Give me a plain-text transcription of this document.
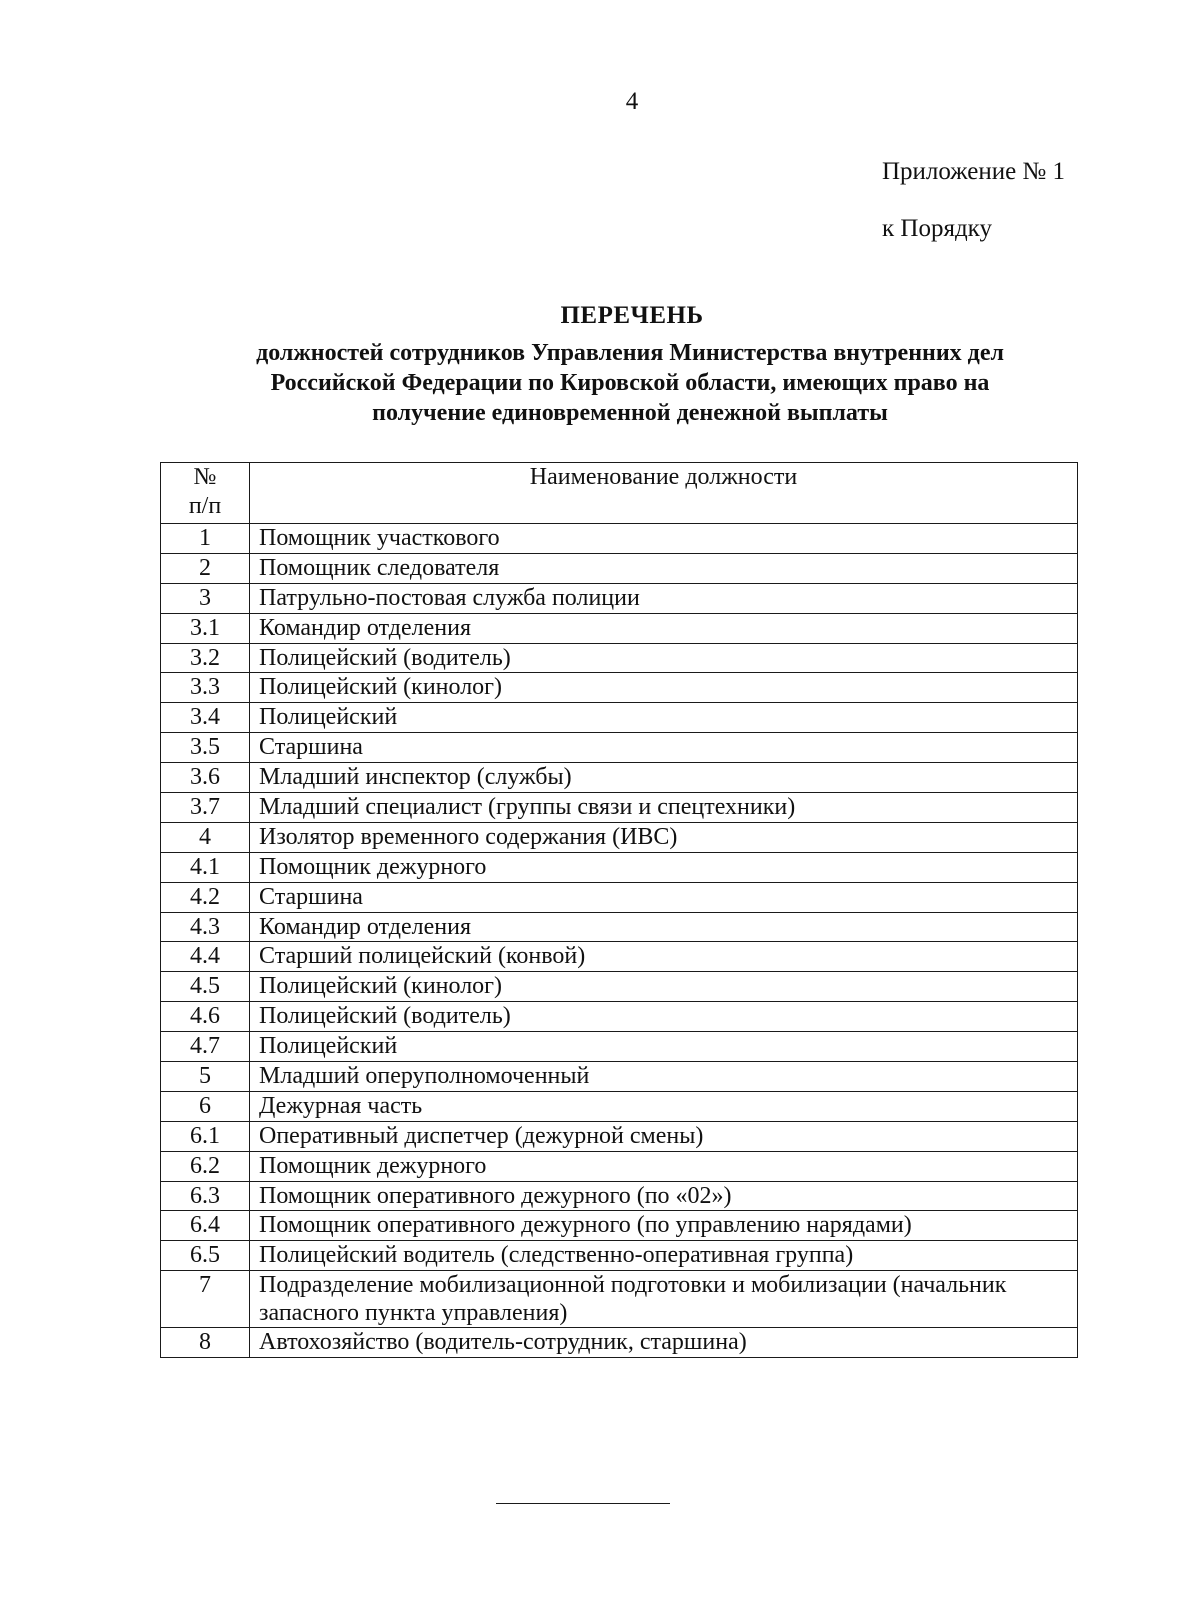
4
Приложение № 1
к Порядку
ПЕРЕЧЕНЬ
должностей сотрудников Управления Министерства внутренних дел
Российской Федерации по Кировской области, имеющих право на
получение единовременной денежной выплаты
№
п/п	Наименование должности
1	Помощник участкового
2	Помощник следователя
3	Патрульно-постовая служба полиции
3.1	Командир отделения
3.2	Полицейский (водитель)
3.3	Полицейский (кинолог)
3.4	Полицейский
3.5	Старшина
3.6	Младший инспектор (службы)
3.7	Младший специалист (группы связи и спецтехники)
4	Изолятор временного содержания (ИВС)
4.1	Помощник дежурного
4.2	Старшина
4.3	Командир отделения
4.4	Старший полицейский (конвой)
4.5	Полицейский (кинолог)
4.6	Полицейский (водитель)
4.7	Полицейский
5	Младший оперуполномоченный
6	Дежурная часть
6.1	Оперативный диспетчер (дежурной смены)
6.2	Помощник дежурного
6.3	Помощник оперативного дежурного (по «02»)
6.4	Помощник оперативного дежурного (по управлению нарядами)
6.5	Полицейский водитель (следственно-оперативная группа)
7	Подразделение мобилизационной подготовки и мобилизации (начальник запасного пункта управления)
8	Автохозяйство (водитель-сотрудник, старшина)
